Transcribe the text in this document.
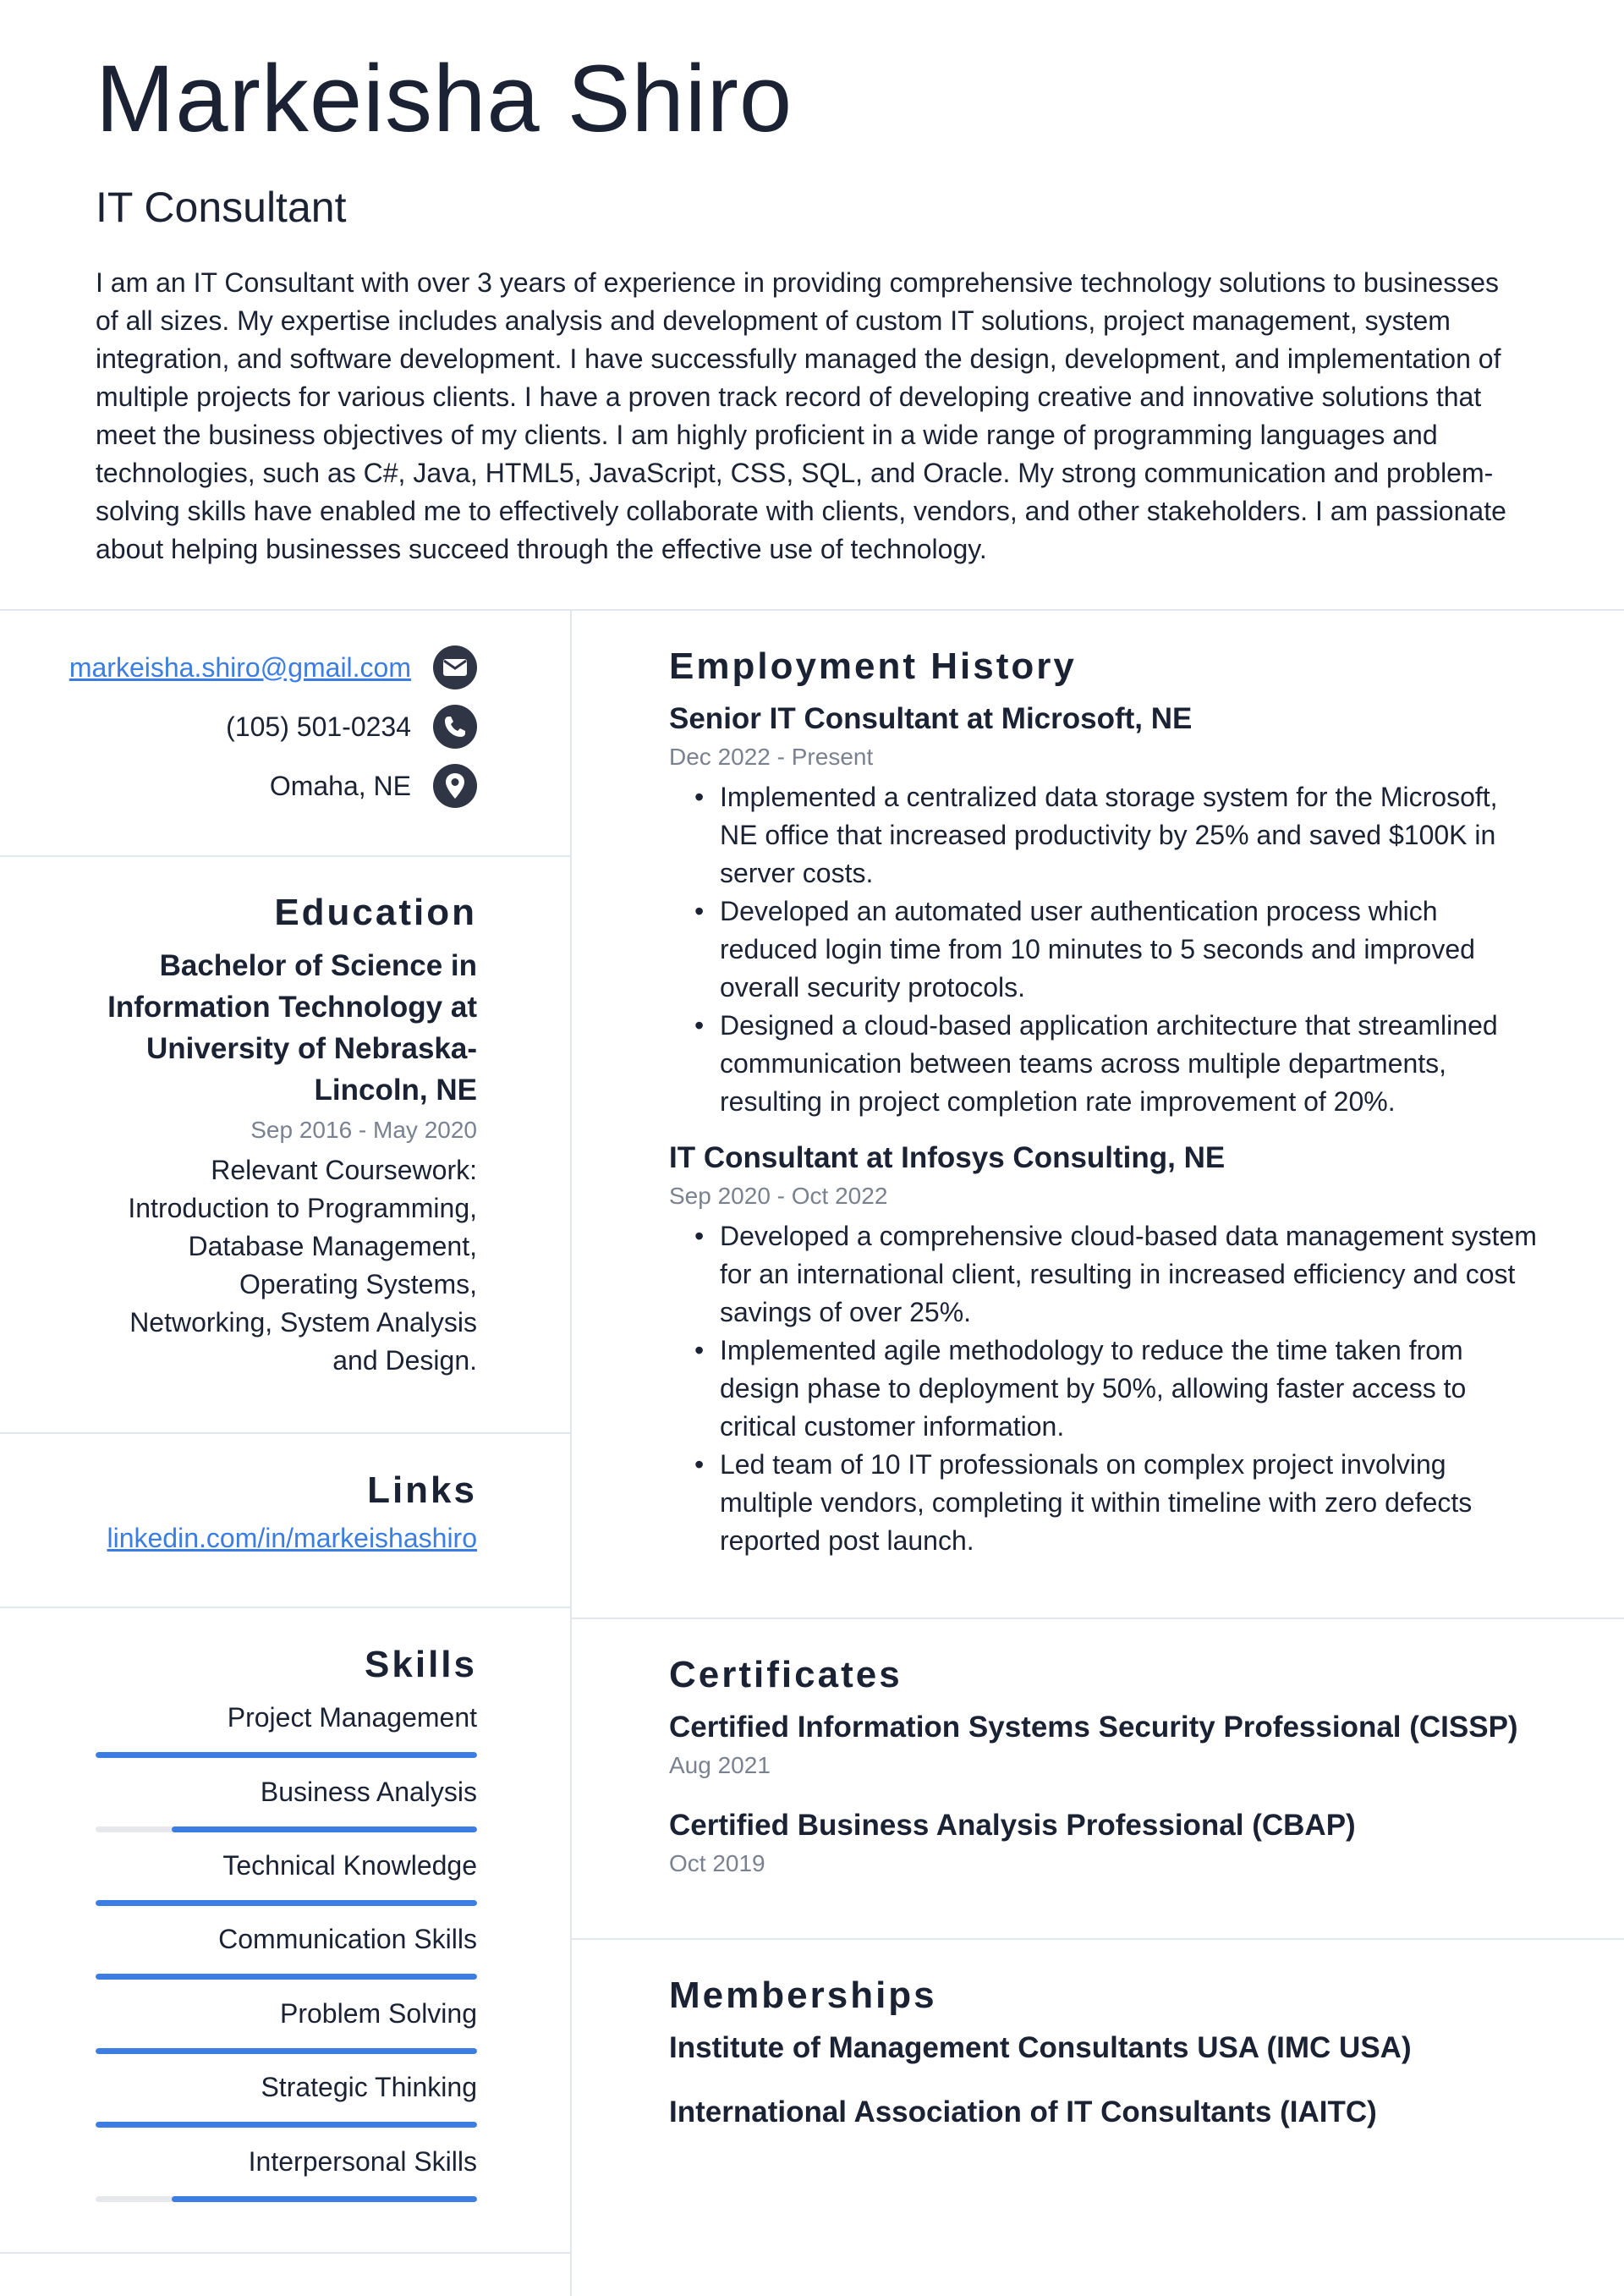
Markeisha Shiro
IT Consultant

I am an IT Consultant with over 3 years of experience in providing comprehensive technology solutions to businesses of all sizes. My expertise includes analysis and development of custom IT solutions, project management, system integration, and software development. I have successfully managed the design, development, and implementation of multiple projects for various clients. I have a proven track record of developing creative and innovative solutions that meet the business objectives of my clients. I am highly proficient in a wide range of programming languages and technologies, such as C#, Java, HTML5, JavaScript, CSS, SQL, and Oracle. My strong communication and problem-solving skills have enabled me to effectively collaborate with clients, vendors, and other stakeholders. I am passionate about helping businesses succeed through the effective use of technology.

markeisha.shiro@gmail.com
(105) 501-0234
Omaha, NE
Education

Bachelor of Science in Information Technology at University of Nebraska-Lincoln, NE

Sep 2016 - May 2020

Relevant Coursework: Introduction to Programming, Database Management, Operating Systems, Networking, System Analysis and Design.

Links
linkedin.com/in/markeishashiro
Skills
Project Management
Business Analysis
Technical Knowledge
Communication Skills
Problem Solving
Strategic Thinking
Interpersonal Skills
Employment History

Senior IT Consultant at Microsoft, NE

Dec 2022 - Present

• Implemented a centralized data storage system for the Microsoft, NE office that increased productivity by 25% and saved $100K in server costs.
• Developed an automated user authentication process which reduced login time from 10 minutes to 5 seconds and improved overall security protocols.
• Designed a cloud-based application architecture that streamlined communication between teams across multiple departments, resulting in project completion rate improvement of 20%.

IT Consultant at Infosys Consulting, NE

Sep 2020 - Oct 2022

• Developed a comprehensive cloud-based data management system for an international client, resulting in increased efficiency and cost savings of over 25%.
• Implemented agile methodology to reduce the time taken from design phase to deployment by 50%, allowing faster access to critical customer information.
• Led team of 10 IT professionals on complex project involving multiple vendors, completing it within timeline with zero defects reported post launch.
Certificates

Certified Information Systems Security Professional (CISSP)

Aug 2021

Certified Business Analysis Professional (CBAP)

Oct 2019

Memberships

Institute of Management Consultants USA (IMC USA)

International Association of IT Consultants (IAITC)
